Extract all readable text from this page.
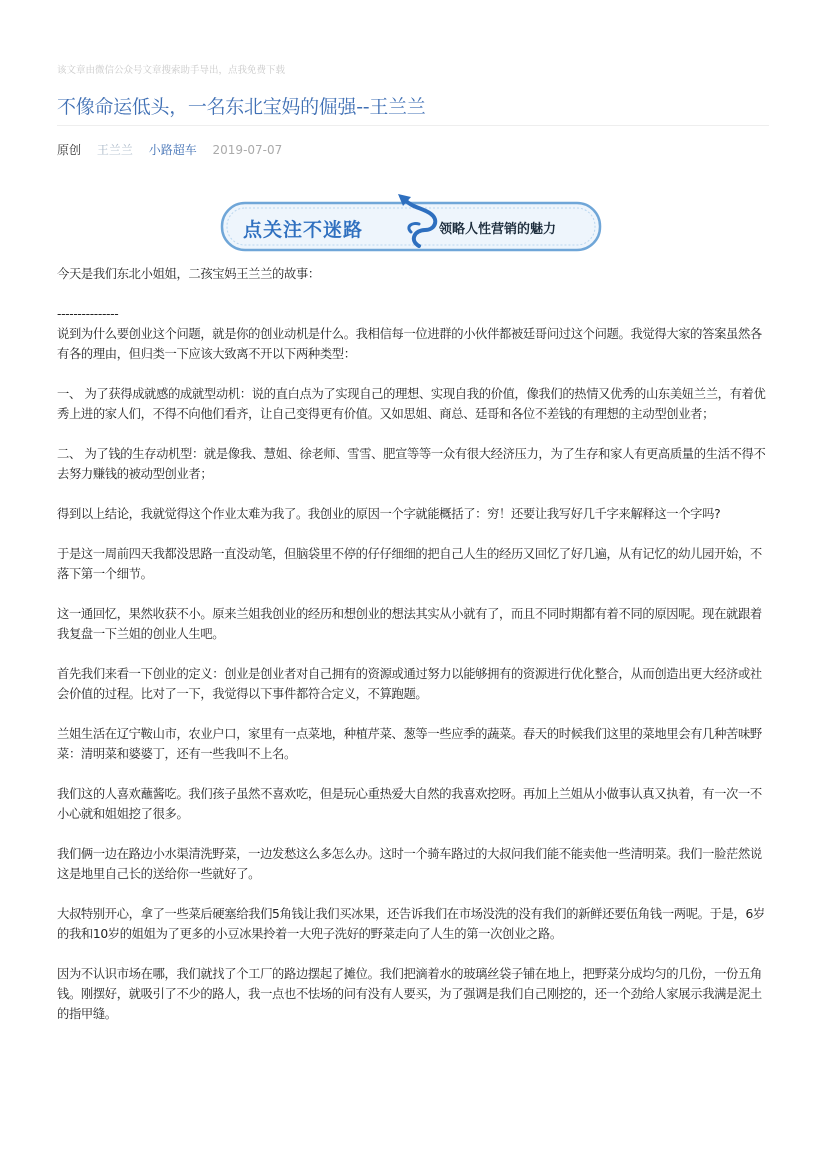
该文章由微信公众号文章搜索助手导出，点我免费下载
不像命运低头，一名东北宝妈的倔强--王兰兰
原创 王兰兰 小路超车 2019-07-07
点关注不迷路	领略人性营销的魅力

今天是我们东北小姐姐，二孩宝妈王兰兰的故事：

---------------

说到为什么要创业这个问题，就是你的创业动机是什么。我相信每一位进群的小伙伴都被廷哥问过这个问题。我觉得大家的答案虽然各有各的理由，但归类一下应该大致离不开以下两种类型：

一、 为了获得成就感的成就型动机：说的直白点为了实现自己的理想、实现自我的价值，像我们的热情又优秀的山东美妞兰兰，有着优秀上进的家人们，不得不向他们看齐，让自己变得更有价值。又如思姐、商总、廷哥和各位不差钱的有理想的主动型创业者；

二、 为了钱的生存动机型：就是像我、慧姐、徐老师、雪雪、肥宣等等一众有很大经济压力，为了生存和家人有更高质量的生活不得不去努力赚钱的被动型创业者；

得到以上结论，我就觉得这个作业太难为我了。我创业的原因一个字就能概括了：穷！还要让我写好几千字来解释这一个字吗?

于是这一周前四天我都没思路一直没动笔，但脑袋里不停的仔仔细细的把自己人生的经历又回忆了好几遍，从有记忆的幼儿园开始，不落下第一个细节。

这一通回忆，果然收获不小。原来兰姐我创业的经历和想创业的想法其实从小就有了，而且不同时期都有着不同的原因呢。现在就跟着我复盘一下兰姐的创业人生吧。

首先我们来看一下创业的定义：创业是创业者对自己拥有的资源或通过努力以能够拥有的资源进行优化整合，从而创造出更大经济或社会价值的过程。比对了一下，我觉得以下事件都符合定义，不算跑题。

兰姐生活在辽宁鞍山市，农业户口，家里有一点菜地，种植芹菜、葱等一些应季的蔬菜。春天的时候我们这里的菜地里会有几种苦味野菜：清明菜和婆婆丁，还有一些我叫不上名。

我们这的人喜欢蘸酱吃。我们孩子虽然不喜欢吃，但是玩心重热爱大自然的我喜欢挖呀。再加上兰姐从小做事认真又执着，有一次一不小心就和姐姐挖了很多。

我们俩一边在路边小水渠清洗野菜，一边发愁这么多怎么办。这时一个骑车路过的大叔问我们能不能卖他一些清明菜。我们一脸茫然说这是地里自己长的送给你一些就好了。

大叔特别开心，拿了一些菜后硬塞给我们5角钱让我们买冰果，还告诉我们在市场没洗的没有我们的新鲜还要伍角钱一两呢。于是，6岁的我和10岁的姐姐为了更多的小豆冰果拎着一大兜子洗好的野菜走向了人生的第一次创业之路。

因为不认识市场在哪，我们就找了个工厂的路边摆起了摊位。我们把滴着水的玻璃丝袋子铺在地上，把野菜分成均匀的几份，一份五角钱。刚摆好，就吸引了不少的路人，我一点也不怯场的问有没有人要买，为了强调是我们自己刚挖的，还一个劲给人家展示我满是泥土的指甲缝。
